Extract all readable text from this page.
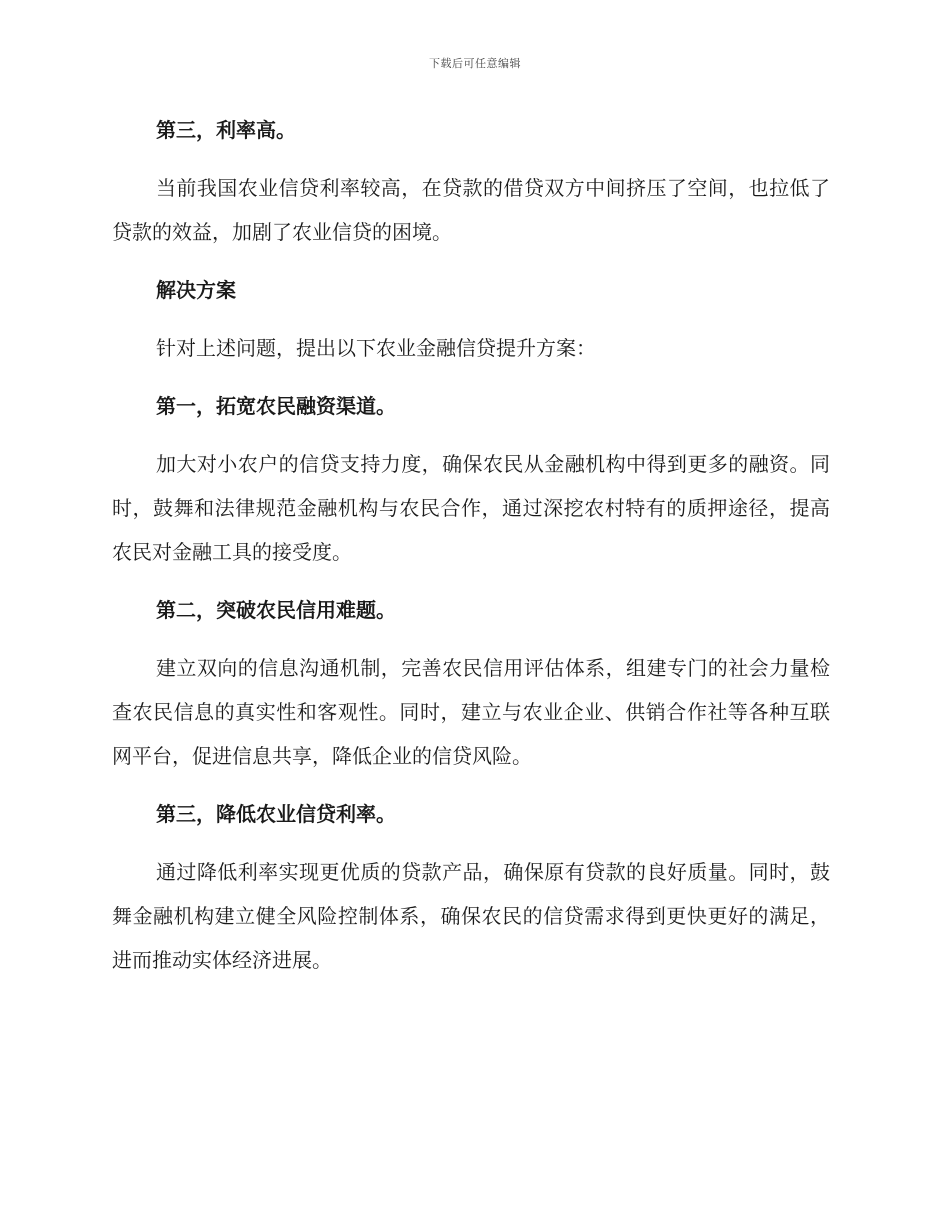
下载后可任意编辑
第三，利率高。
当前我国农业信贷利率较高，在贷款的借贷双方中间挤压了空间，也拉低了贷款的效益，加剧了农业信贷的困境。
解决方案
针对上述问题，提出以下农业金融信贷提升方案：
第一，拓宽农民融资渠道。
加大对小农户的信贷支持力度，确保农民从金融机构中得到更多的融资。同时，鼓舞和法律规范金融机构与农民合作，通过深挖农村特有的质押途径，提高农民对金融工具的接受度。
第二，突破农民信用难题。
建立双向的信息沟通机制，完善农民信用评估体系，组建专门的社会力量检查农民信息的真实性和客观性。同时，建立与农业企业、供销合作社等各种互联网平台，促进信息共享，降低企业的信贷风险。
第三，降低农业信贷利率。
通过降低利率实现更优质的贷款产品，确保原有贷款的良好质量。同时，鼓舞金融机构建立健全风险控制体系，确保农民的信贷需求得到更快更好的满足，进而推动实体经济进展。
